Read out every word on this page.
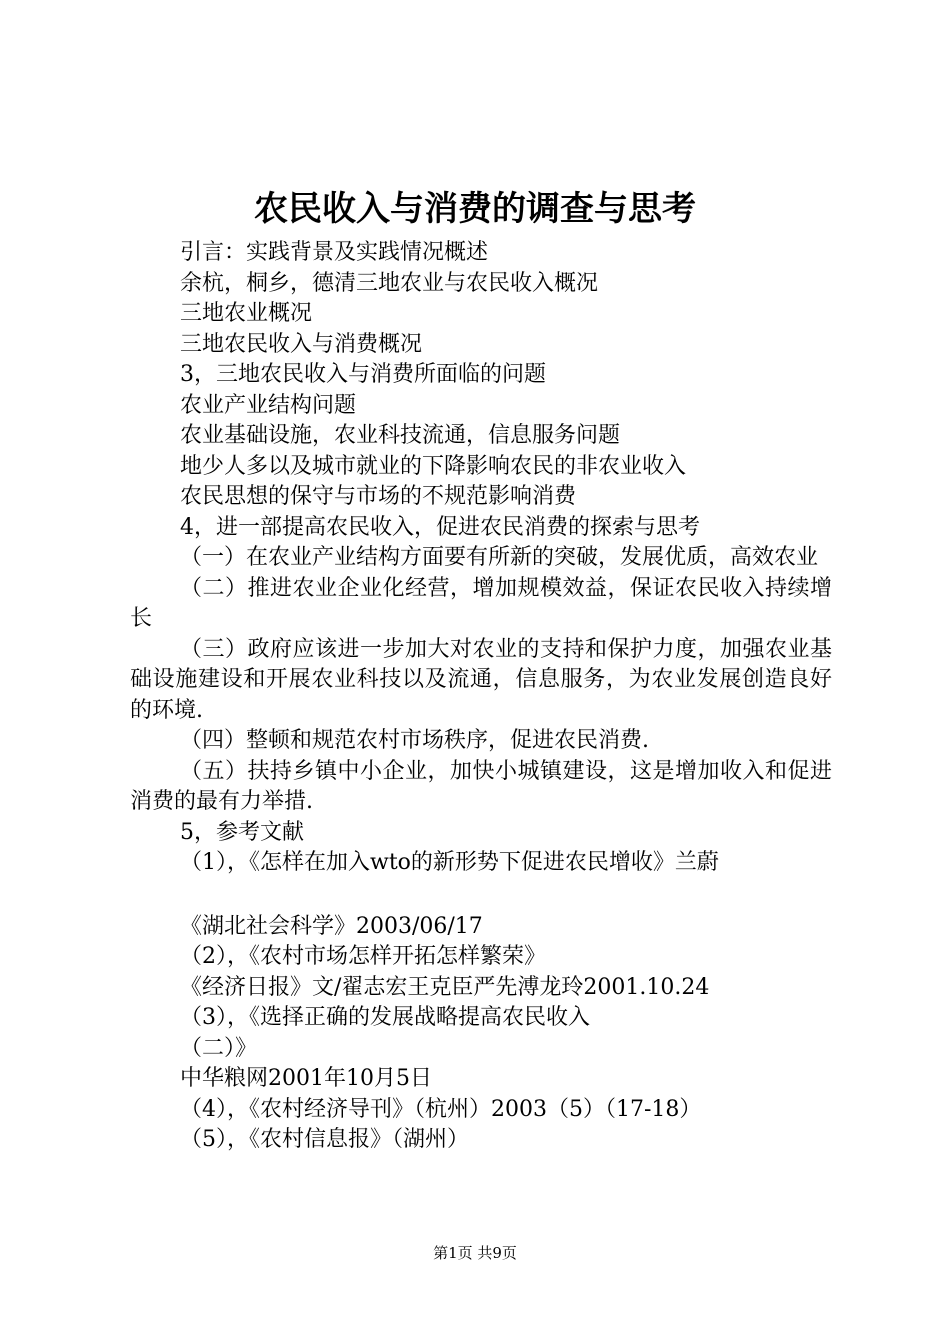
农民收入与消费的调查与思考

引言：实践背景及实践情况概述

余杭，桐乡，德清三地农业与农民收入概况

三地农业概况

三地农民收入与消费概况

3，三地农民收入与消费所面临的问题

农业产业结构问题

农业基础设施，农业科技流通，信息服务问题

地少人多以及城市就业的下降影响农民的非农业收入

农民思想的保守与市场的不规范影响消费

4，进一部提高农民收入，促进农民消费的探索与思考

（一）在农业产业结构方面要有所新的突破，发展优质，高效农业

（二）推进农业企业化经营，增加规模效益，保证农民收入持续增长

（三）政府应该进一步加大对农业的支持和保护力度，加强农业基础设施建设和开展农业科技以及流通，信息服务，为农业发展创造良好的环境.

（四）整顿和规范农村市场秩序，促进农民消费.

（五）扶持乡镇中小企业，加快小城镇建设，这是增加收入和促进消费的最有力举措.

5，参考文献

（1），《怎样在加入wto的新形势下促进农民增收》兰蔚

《湖北社会科学》2003/06/17

（2），《农村市场怎样开拓怎样繁荣》

《经济日报》文/翟志宏王克臣严先溥龙玲2001.10.24

（3），《选择正确的发展战略提高农民收入

（二）》

中华粮网2001年10月5日

（4），《农村经济导刊》（杭州）2003（5）（17-18）

（5），《农村信息报》（湖州）

第1页 共9页
